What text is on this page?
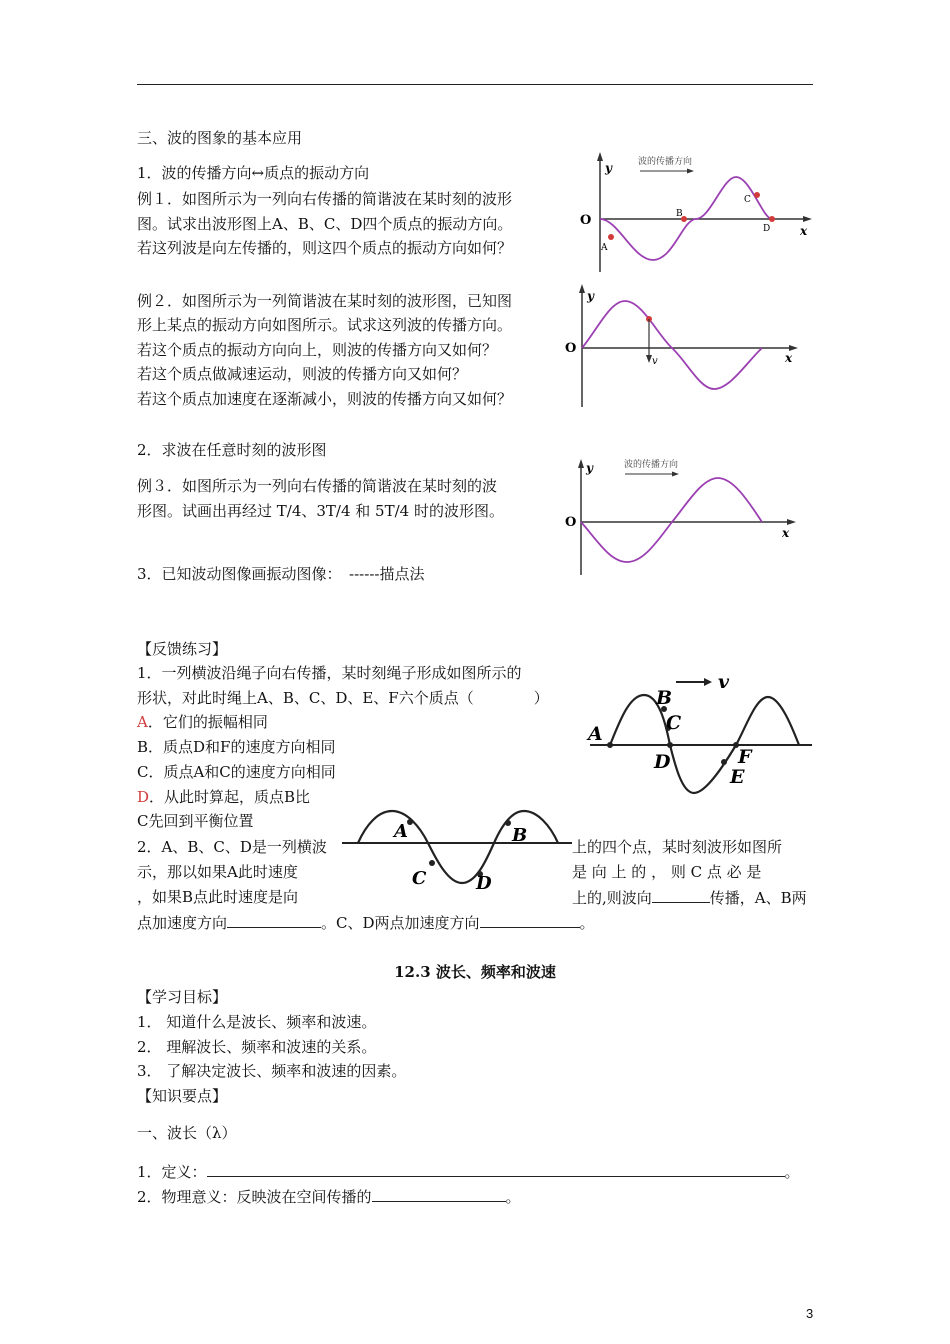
三、波的图象的基本应用
1．波的传播方向↔质点的振动方向
例１．如图所示为一列向右传播的简谐波在某时刻的波形
图。试求出波形图上A、B、C、D四个质点的振动方向。
若这列波是向左传播的，则这四个质点的振动方向如何？
例２．如图所示为一列简谐波在某时刻的波形图，已知图
形上某点的振动方向如图所示。试求这列波的传播方向。
若这个质点的振动方向向上，则波的传播方向又如何？
若这个质点做减速运动，则波的传播方向又如何？
若这个质点加速度在逐渐减小，则波的传播方向又如何？
2．求波在任意时刻的波形图
例３．如图所示为一列向右传播的简谐波在某时刻的波
形图。试画出再经过 T/4、3T/4 和 5T/4 时的波形图。
3．已知波动图像画振动图像：　------描点法
波的传播方向
y
x
O
A
B
C
D
v
y
x
O
波的传播方向
y
x
O
【反馈练习】
1．一列横波沿绳子向右传播，某时刻绳子形成如图所示的
形状，对此时绳上A、B、C、D、E、F六个质点（　　　　）
A．它们的振幅相同
B．质点D和F的速度方向相同
C．质点A和C的速度方向相同
D．从此时算起，质点B比
C先回到平衡位置
A
B
C
D
E
F
v
2．A、B、C、D是一列横波	上的四个点，某时刻波形如图所
示，那以如果A此时速度	是 向 上 的 ， 则 C 点 必 是
，如果B点此时速度是向	上的,则波向	传播，A、B两
点加速度方向	。C、D两点加速度方向	。
A	B
C	D
12.3 波长、频率和波速
【学习目标】
1． 知道什么是波长、频率和波速。
2． 理解波长、频率和波速的关系。
3． 了解决定波长、频率和波速的因素。
【知识要点】
一、波长（λ）
1．定义：	。
2．物理意义：反映波在空间传播的	。
3
